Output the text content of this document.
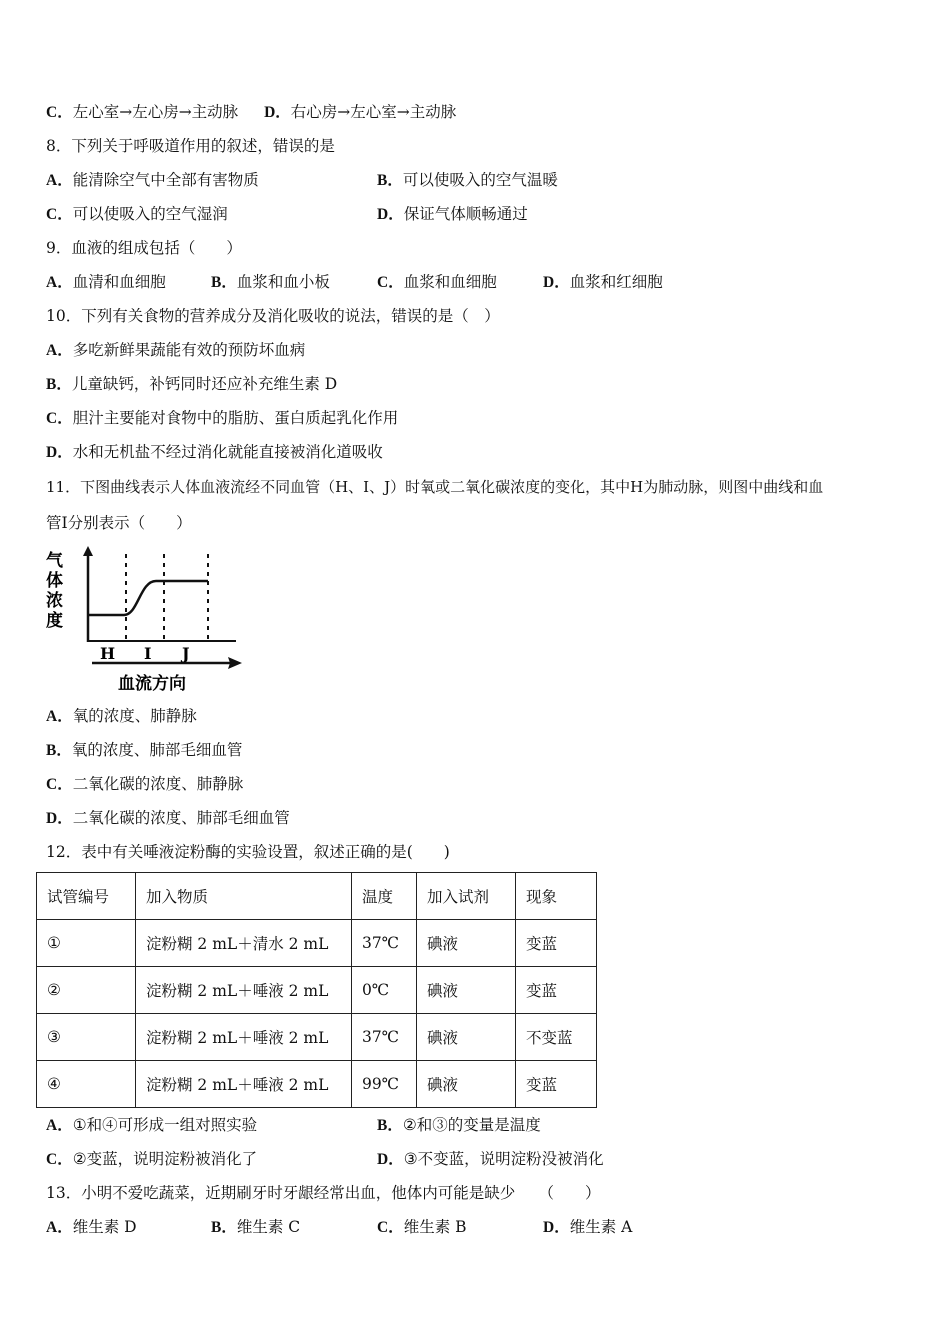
C．左心室→左心房→主动脉 D．右心房→左心室→主动脉
8．下列关于呼吸道作用的叙述，错误的是
A．能清除空气中全部有害物质	B．可以使吸入的空气温暖
C．可以使吸入的空气湿润	D．保证气体顺畅通过
9．血液的组成包括（　　）
A．血清和血细胞	B．血浆和血小板	C．血浆和血细胞	D．血浆和红细胞
10．下列有关食物的营养成分及消化吸收的说法，错误的是（　）
A．多吃新鲜果蔬能有效的预防坏血病
B．儿童缺钙，补钙同时还应补充维生素 D
C．胆汁主要能对食物中的脂肪、蛋白质起乳化作用
D．水和无机盐不经过消化就能直接被消化道吸收
11．下图曲线表示人体血液流经不同血管（H、I、J）时氧或二氧化碳浓度的变化，其中H为肺动脉，则图中曲线和血
管I分别表示（　　）
气
体
浓
度
H I J
血流方向
A．氧的浓度、肺静脉
B．氧的浓度、肺部毛细血管
C．二氧化碳的浓度、肺静脉
D．二氧化碳的浓度、肺部毛细血管
12．表中有关唾液淀粉酶的实验设置，叙述正确的是(　　)
试管编号	加入物质	温度	加入试剂	现象
①	淀粉糊 2 mL＋清水 2 mL	37℃	碘液	变蓝
②	淀粉糊 2 mL＋唾液 2 mL	0℃	碘液	变蓝
③	淀粉糊 2 mL＋唾液 2 mL	37℃	碘液	不变蓝
④	淀粉糊 2 mL＋唾液 2 mL	99℃	碘液	变蓝
A．①和④可形成一组对照实验	B．②和③的变量是温度
C．②变蓝，说明淀粉被消化了	D．③不变蓝，说明淀粉没被消化
13．小明不爱吃蔬菜，近期刷牙时牙龈经常出血，他体内可能是缺少　　（　　）
A．维生素 D	B．维生素 C	C．维生素 B	D．维生素 A
